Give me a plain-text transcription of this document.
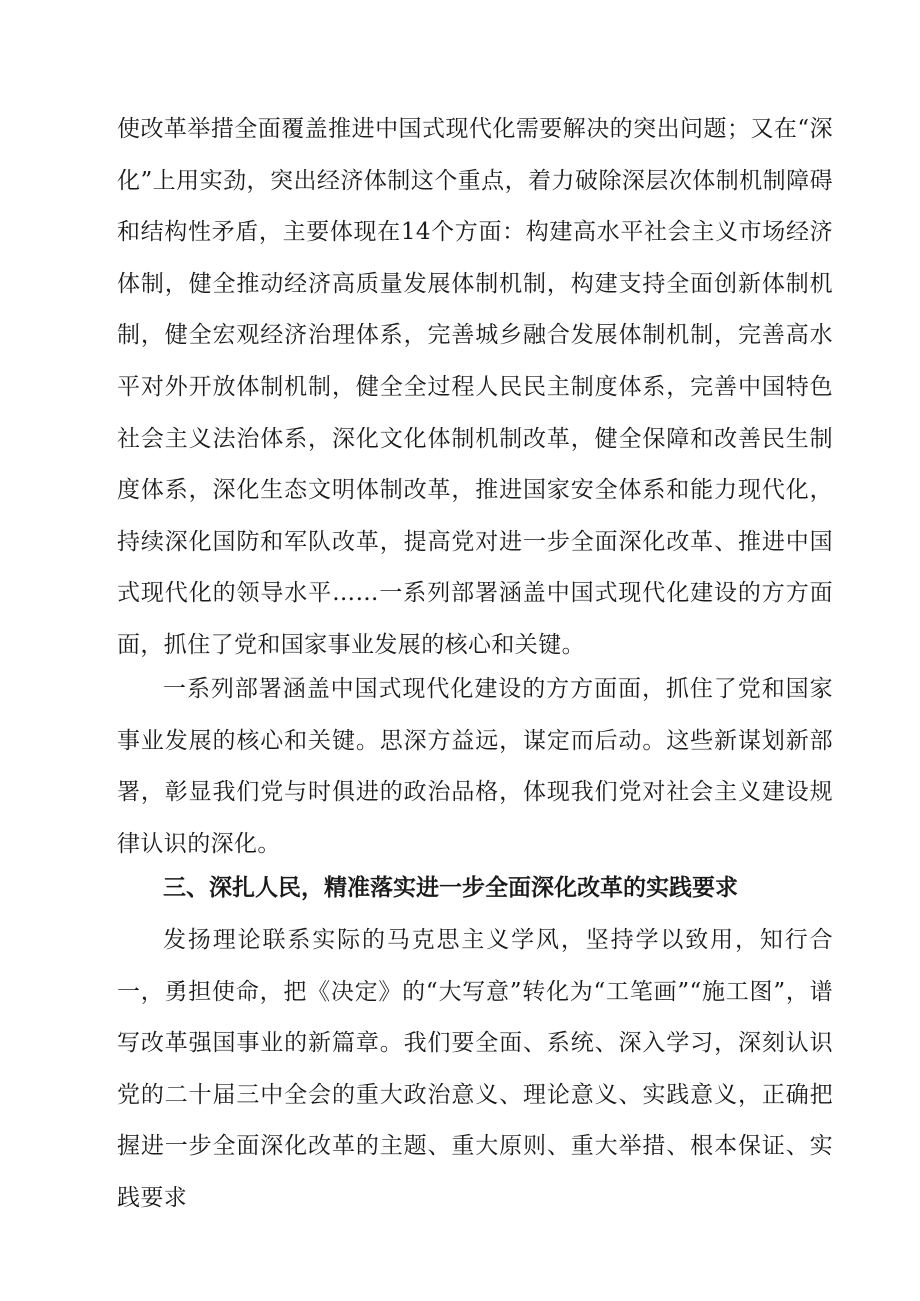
使改革举措全面覆盖推进中国式现代化需要解决的突出问题；又在“深化”上用实劲，突出经济体制这个重点，着力破除深层次体制机制障碍和结构性矛盾，主要体现在14个方面：构建高水平社会主义市场经济体制，健全推动经济高质量发展体制机制，构建支持全面创新体制机制，健全宏观经济治理体系，完善城乡融合发展体制机制，完善高水平对外开放体制机制，健全全过程人民民主制度体系，完善中国特色社会主义法治体系，深化文化体制机制改革，健全保障和改善民生制度体系，深化生态文明体制改革，推进国家安全体系和能力现代化，持续深化国防和军队改革，提高党对进一步全面深化改革、推进中国式现代化的领导水平……一系列部署涵盖中国式现代化建设的方方面面，抓住了党和国家事业发展的核心和关键。

一系列部署涵盖中国式现代化建设的方方面面，抓住了党和国家事业发展的核心和关键。思深方益远，谋定而后动。这些新谋划新部署，彰显我们党与时俱进的政治品格，体现我们党对社会主义建设规律认识的深化。

三、深扎人民，精准落实进一步全面深化改革的实践要求

发扬理论联系实际的马克思主义学风，坚持学以致用，知行合一，勇担使命，把《决定》的“大写意”转化为“工笔画”“施工图”，谱写改革强国事业的新篇章。我们要全面、系统、深入学习，深刻认识党的二十届三中全会的重大政治意义、理论意义、实践意义，正确把握进一步全面深化改革的主题、重大原则、重大举措、根本保证、实践要求
